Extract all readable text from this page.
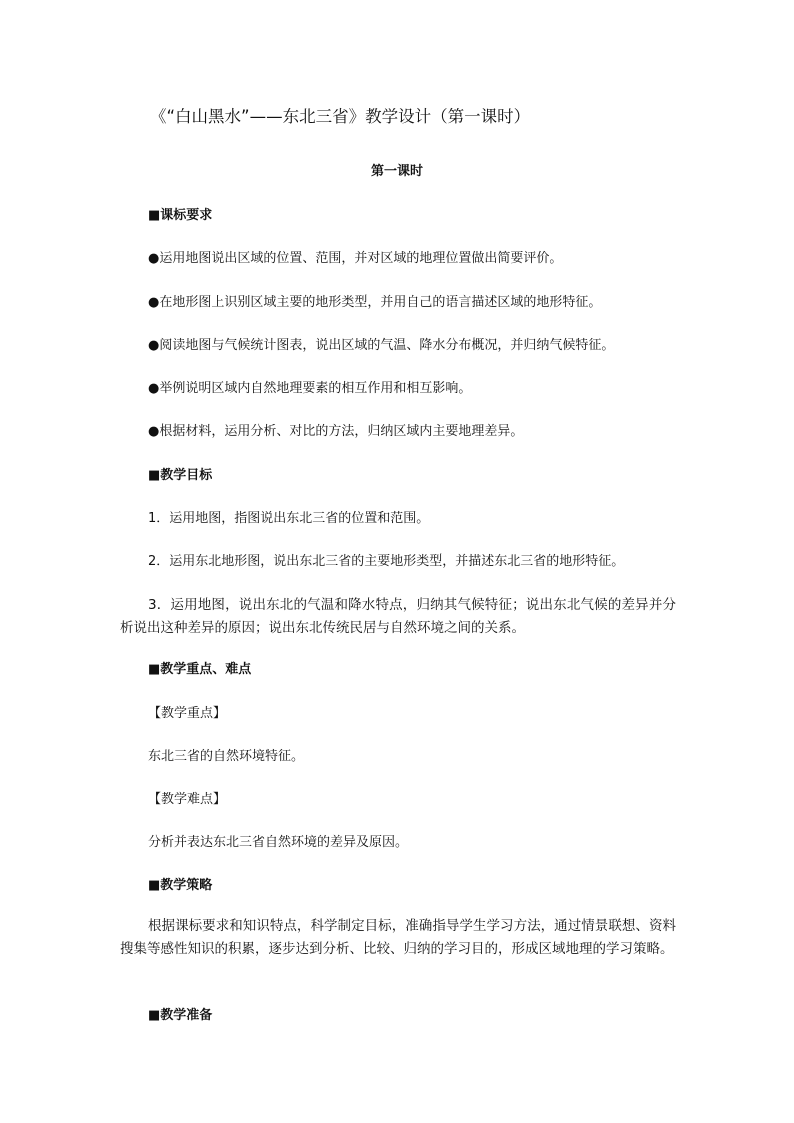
《“白山黑水”——东北三省》教学设计（第一课时）

第一课时

■课标要求

●运用地图说出区域的位置、范围，并对区域的地理位置做出简要评价。

●在地形图上识别区域主要的地形类型，并用自己的语言描述区域的地形特征。

●阅读地图与气候统计图表，说出区域的气温、降水分布概况，并归纳气候特征。

●举例说明区域内自然地理要素的相互作用和相互影响。

●根据材料，运用分析、对比的方法，归纳区域内主要地理差异。

■教学目标

1．运用地图，指图说出东北三省的位置和范围。

2．运用东北地形图，说出东北三省的主要地形类型，并描述东北三省的地形特征。

3．运用地图，说出东北的气温和降水特点，归纳其气候特征；说出东北气候的差异并分析说出这种差异的原因；说出东北传统民居与自然环境之间的关系。

■教学重点、难点

【教学重点】

东北三省的自然环境特征。

【教学难点】

分析并表达东北三省自然环境的差异及原因。

■教学策略

根据课标要求和知识特点，科学制定目标，准确指导学生学习方法，通过情景联想、资料搜集等感性知识的积累，逐步达到分析、比较、归纳的学习目的，形成区域地理的学习策略。

■教学准备
